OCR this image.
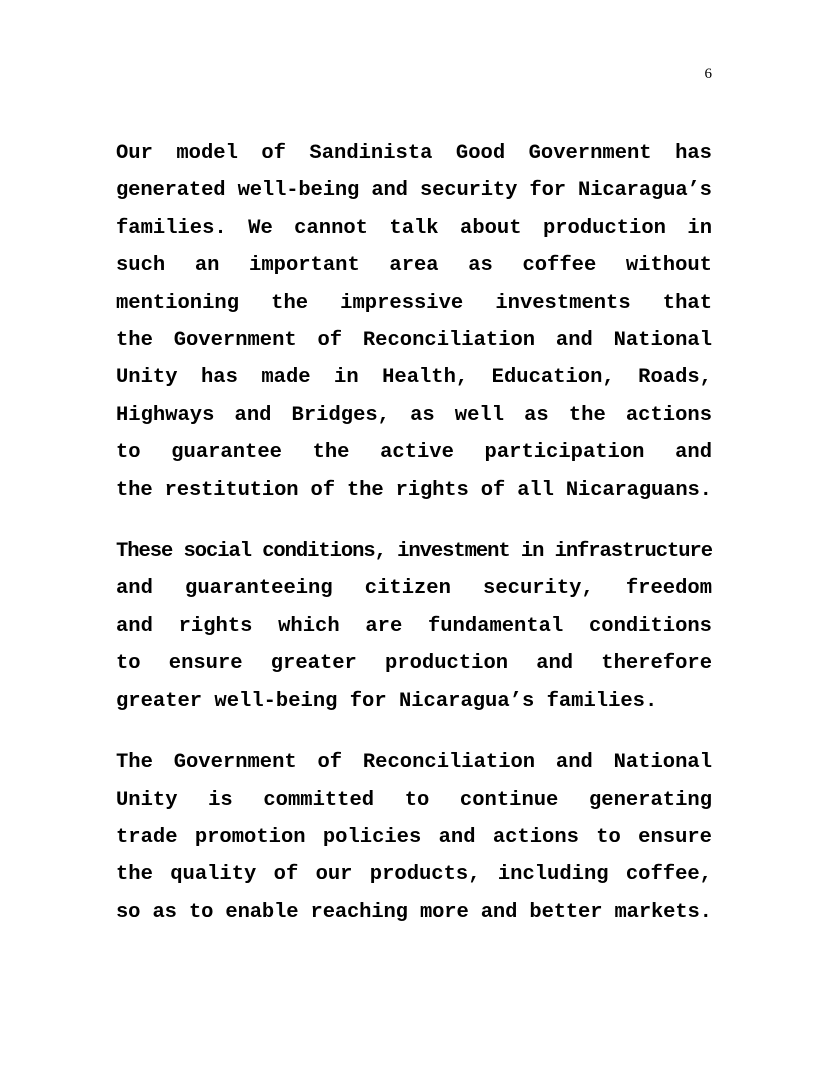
6

Our model of Sandinista Good Government has
generated well-being and security for Nicaragua’s
families. We cannot talk about production in
such an important area as coffee without
mentioning the impressive investments that
the Government of Reconciliation and National
Unity has made in Health, Education, Roads,
Highways and Bridges, as well as the actions
to guarantee the active participation and
the restitution of the rights of all Nicaraguans.

These social conditions, investment in infrastructure
and guaranteeing citizen security, freedom
and rights which are fundamental conditions
to ensure greater production and therefore
greater well-being for Nicaragua’s families.

The Government of Reconciliation and National
Unity is committed to continue generating
trade promotion policies and actions to ensure
the quality of our products, including coffee,
so as to enable reaching more and better markets.
